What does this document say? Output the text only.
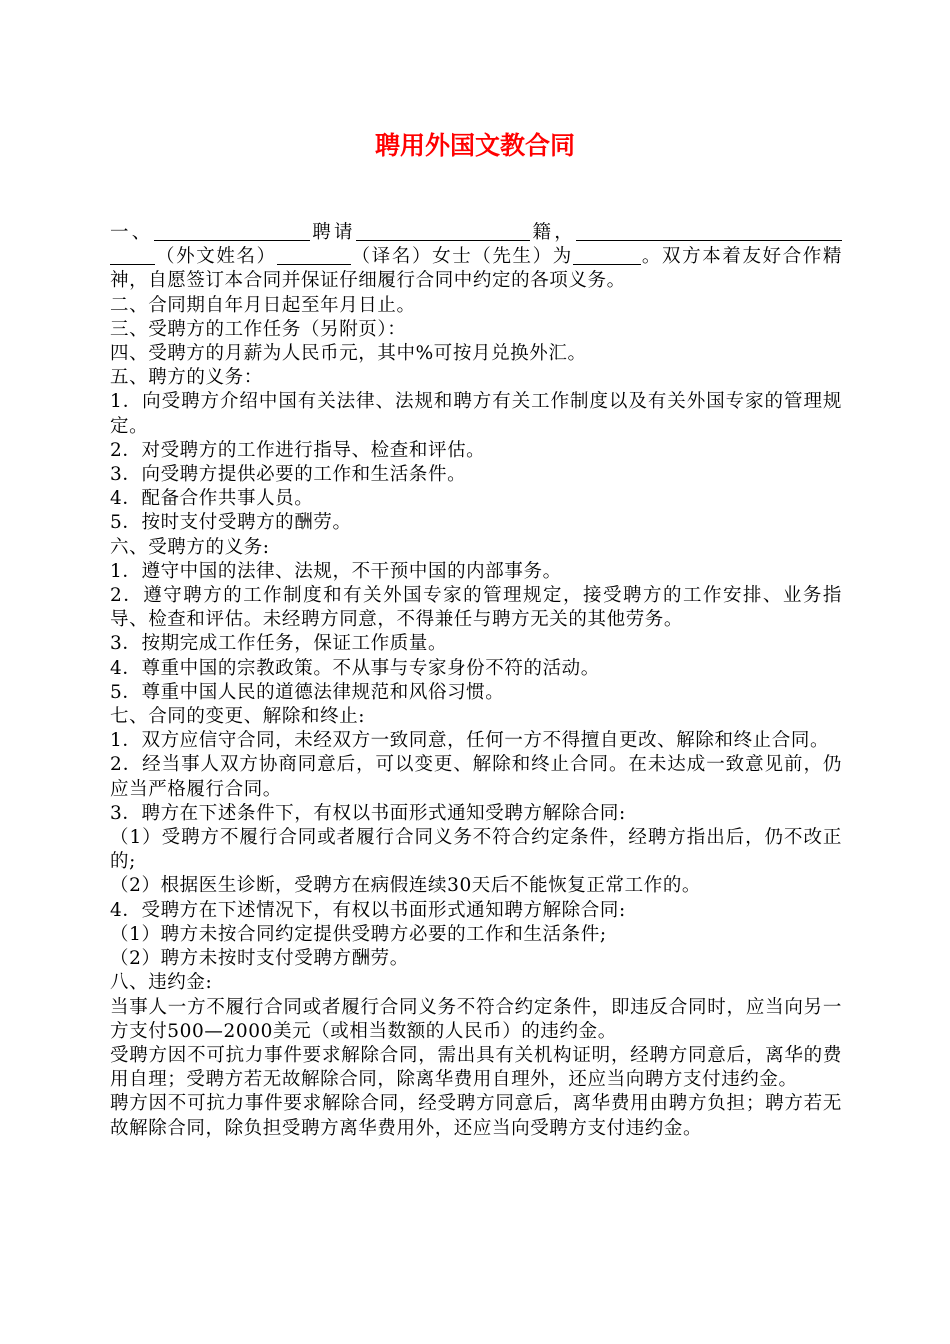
聘用外国文教合同

一、	聘请	籍，（外文姓名）	（译名）女士（先生）为	。双方本着友好合作精神，自愿签订本合同并保证仔细履行合同中约定的各项义务。

二、合同期自年月日起至年月日止。

三、受聘方的工作任务（另附页）：

四、受聘方的月薪为人民币元，其中%可按月兑换外汇。

五、聘方的义务：

1．向受聘方介绍中国有关法律、法规和聘方有关工作制度以及有关外国专家的管理规定。

2．对受聘方的工作进行指导、检查和评估。

3．向受聘方提供必要的工作和生活条件。

4．配备合作共事人员。

5．按时支付受聘方的酬劳。

六、受聘方的义务:

1．遵守中国的法律、法规，不干预中国的内部事务。

2．遵守聘方的工作制度和有关外国专家的管理规定，接受聘方的工作安排、业务指导、检查和评估。未经聘方同意，不得兼任与聘方无关的其他劳务。

3．按期完成工作任务，保证工作质量。

4．尊重中国的宗教政策。不从事与专家身份不符的活动。

5．尊重中国人民的道德法律规范和风俗习惯。

七、合同的变更、解除和终止:

1．双方应信守合同，未经双方一致同意，任何一方不得擅自更改、解除和终止合同。

2．经当事人双方协商同意后，可以变更、解除和终止合同。在未达成一致意见前，仍应当严格履行合同。

3．聘方在下述条件下，有权以书面形式通知受聘方解除合同:

（1）受聘方不履行合同或者履行合同义务不符合约定条件，经聘方指出后，仍不改正的;

（2）根据医生诊断，受聘方在病假连续30天后不能恢复正常工作的。

4．受聘方在下述情况下，有权以书面形式通知聘方解除合同:

（1）聘方未按合同约定提供受聘方必要的工作和生活条件;

（2）聘方未按时支付受聘方酬劳。

八、违约金:

当事人一方不履行合同或者履行合同义务不符合约定条件，即违反合同时，应当向另一方支付500—2000美元（或相当数额的人民币）的违约金。

受聘方因不可抗力事件要求解除合同，需出具有关机构证明，经聘方同意后，离华的费用自理；受聘方若无故解除合同，除离华费用自理外，还应当向聘方支付违约金。

聘方因不可抗力事件要求解除合同，经受聘方同意后，离华费用由聘方负担；聘方若无故解除合同，除负担受聘方离华费用外，还应当向受聘方支付违约金。
